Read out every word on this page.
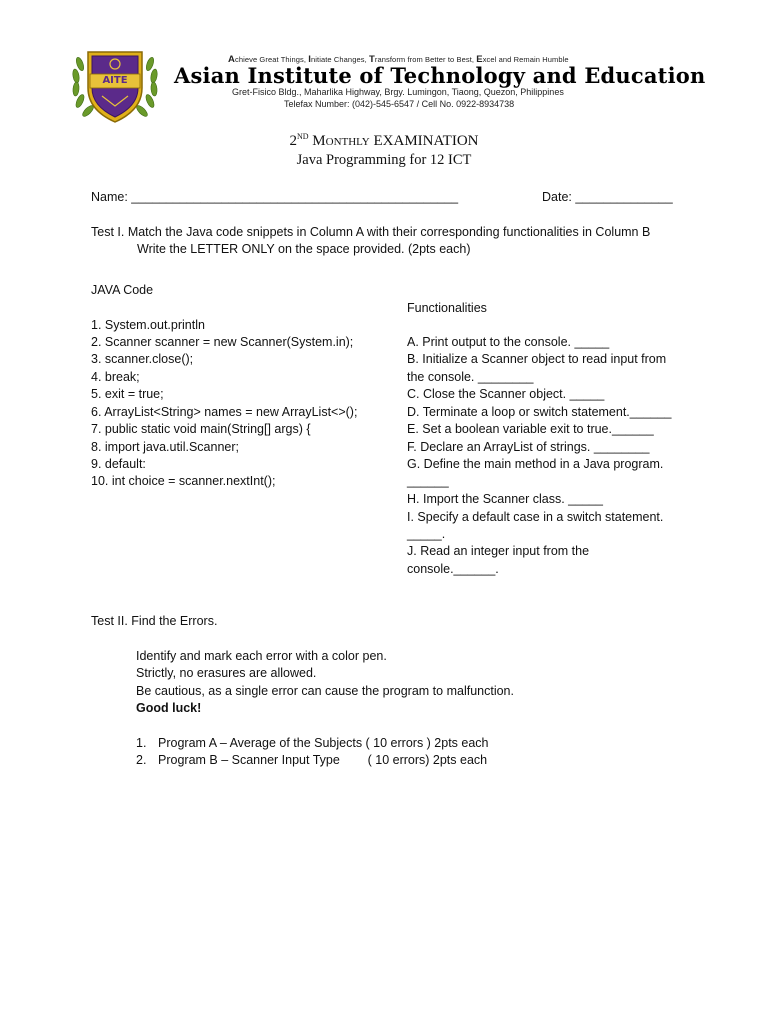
AITE
Achieve Great Things, Initiate Changes, Transform from Better to Best, Excel and Remain Humble
Asian Institute of Technology and Education
Gret-Fisico Bldg., Maharlika Highway, Brgy. Lumingon, Tiaong, Quezon, Philippines
Telefax Number: (042)-545-6547 / Cell No. 0922-8934738
2ND Monthly EXAMINATION
Java Programming for 12 ICT
Name: _______________________________________________	Date: ______________
Test I. Match the Java code snippets in Column A with their corresponding functionalities in Column B
Write the LETTER ONLY on the space provided. (2pts each)
JAVA Code
Functionalities
1. System.out.println
2. Scanner scanner = new Scanner(System.in);
3. scanner.close();
4. break;
5. exit = true;
6. ArrayList<String> names = new ArrayList<>();
7. public static void main(String[] args) {
8. import java.util.Scanner;
9. default:
10. int choice = scanner.nextInt();
A. Print output to the console. _____
B. Initialize a Scanner object to read input from
the console. ________
C. Close the Scanner object. _____
D. Terminate a loop or switch statement.______
E. Set a boolean variable exit to true.______
F. Declare an ArrayList of strings. ________
G. Define the main method in a Java program.
______
H. Import the Scanner class. _____
I. Specify a default case in a switch statement.
_____.
J. Read an integer input from the
console.______.
Test II. Find the Errors.
Identify and mark each error with a color pen.
Strictly, no erasures are allowed.
Be cautious, as a single error can cause the program to malfunction.
Good luck!
1. Program A – Average of the Subjects ( 10 errors ) 2pts each
2. Program B – Scanner Input Type        ( 10 errors) 2pts each
